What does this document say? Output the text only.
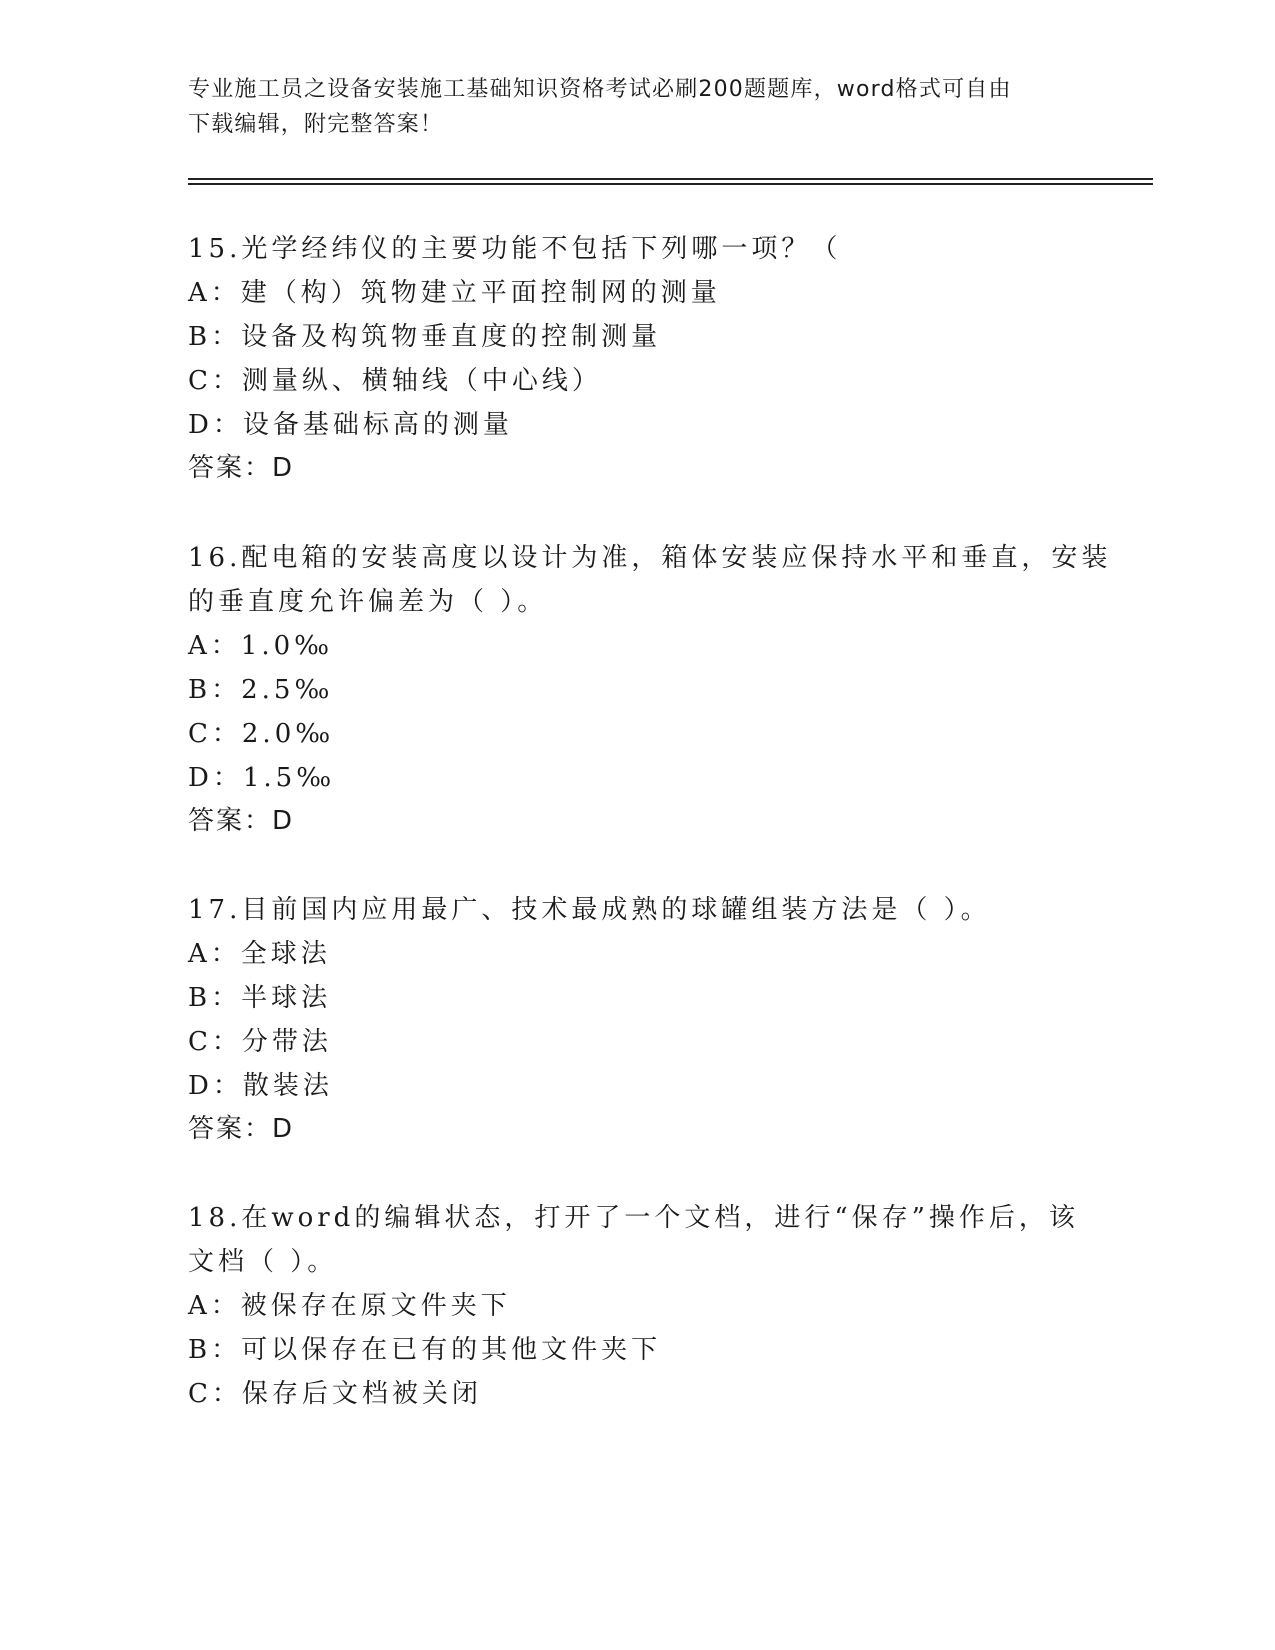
专业施工员之设备安装施工基础知识资格考试必刷200题题库，word格式可自由
下载编辑，附完整答案！

15.光学经纬仪的主要功能不包括下列哪一项？（

A：建（构）筑物建立平面控制网的测量

B：设备及构筑物垂直度的控制测量

C：测量纵、横轴线（中心线）

D：设备基础标高的测量

答案：D

16.配电箱的安装高度以设计为准，箱体安装应保持水平和垂直，安装

的垂直度允许偏差为（ ）。

A：1.0‰

B：2.5‰

C：2.0‰

D：1.5‰

答案：D

17.目前国内应用最广、技术最成熟的球罐组装方法是（ ）。

A：全球法

B：半球法

C：分带法

D：散装法

答案：D

18.在word的编辑状态，打开了一个文档，进行“保存”操作后，该

文档（ ）。

A：被保存在原文件夹下

B：可以保存在已有的其他文件夹下

C：保存后文档被关闭
